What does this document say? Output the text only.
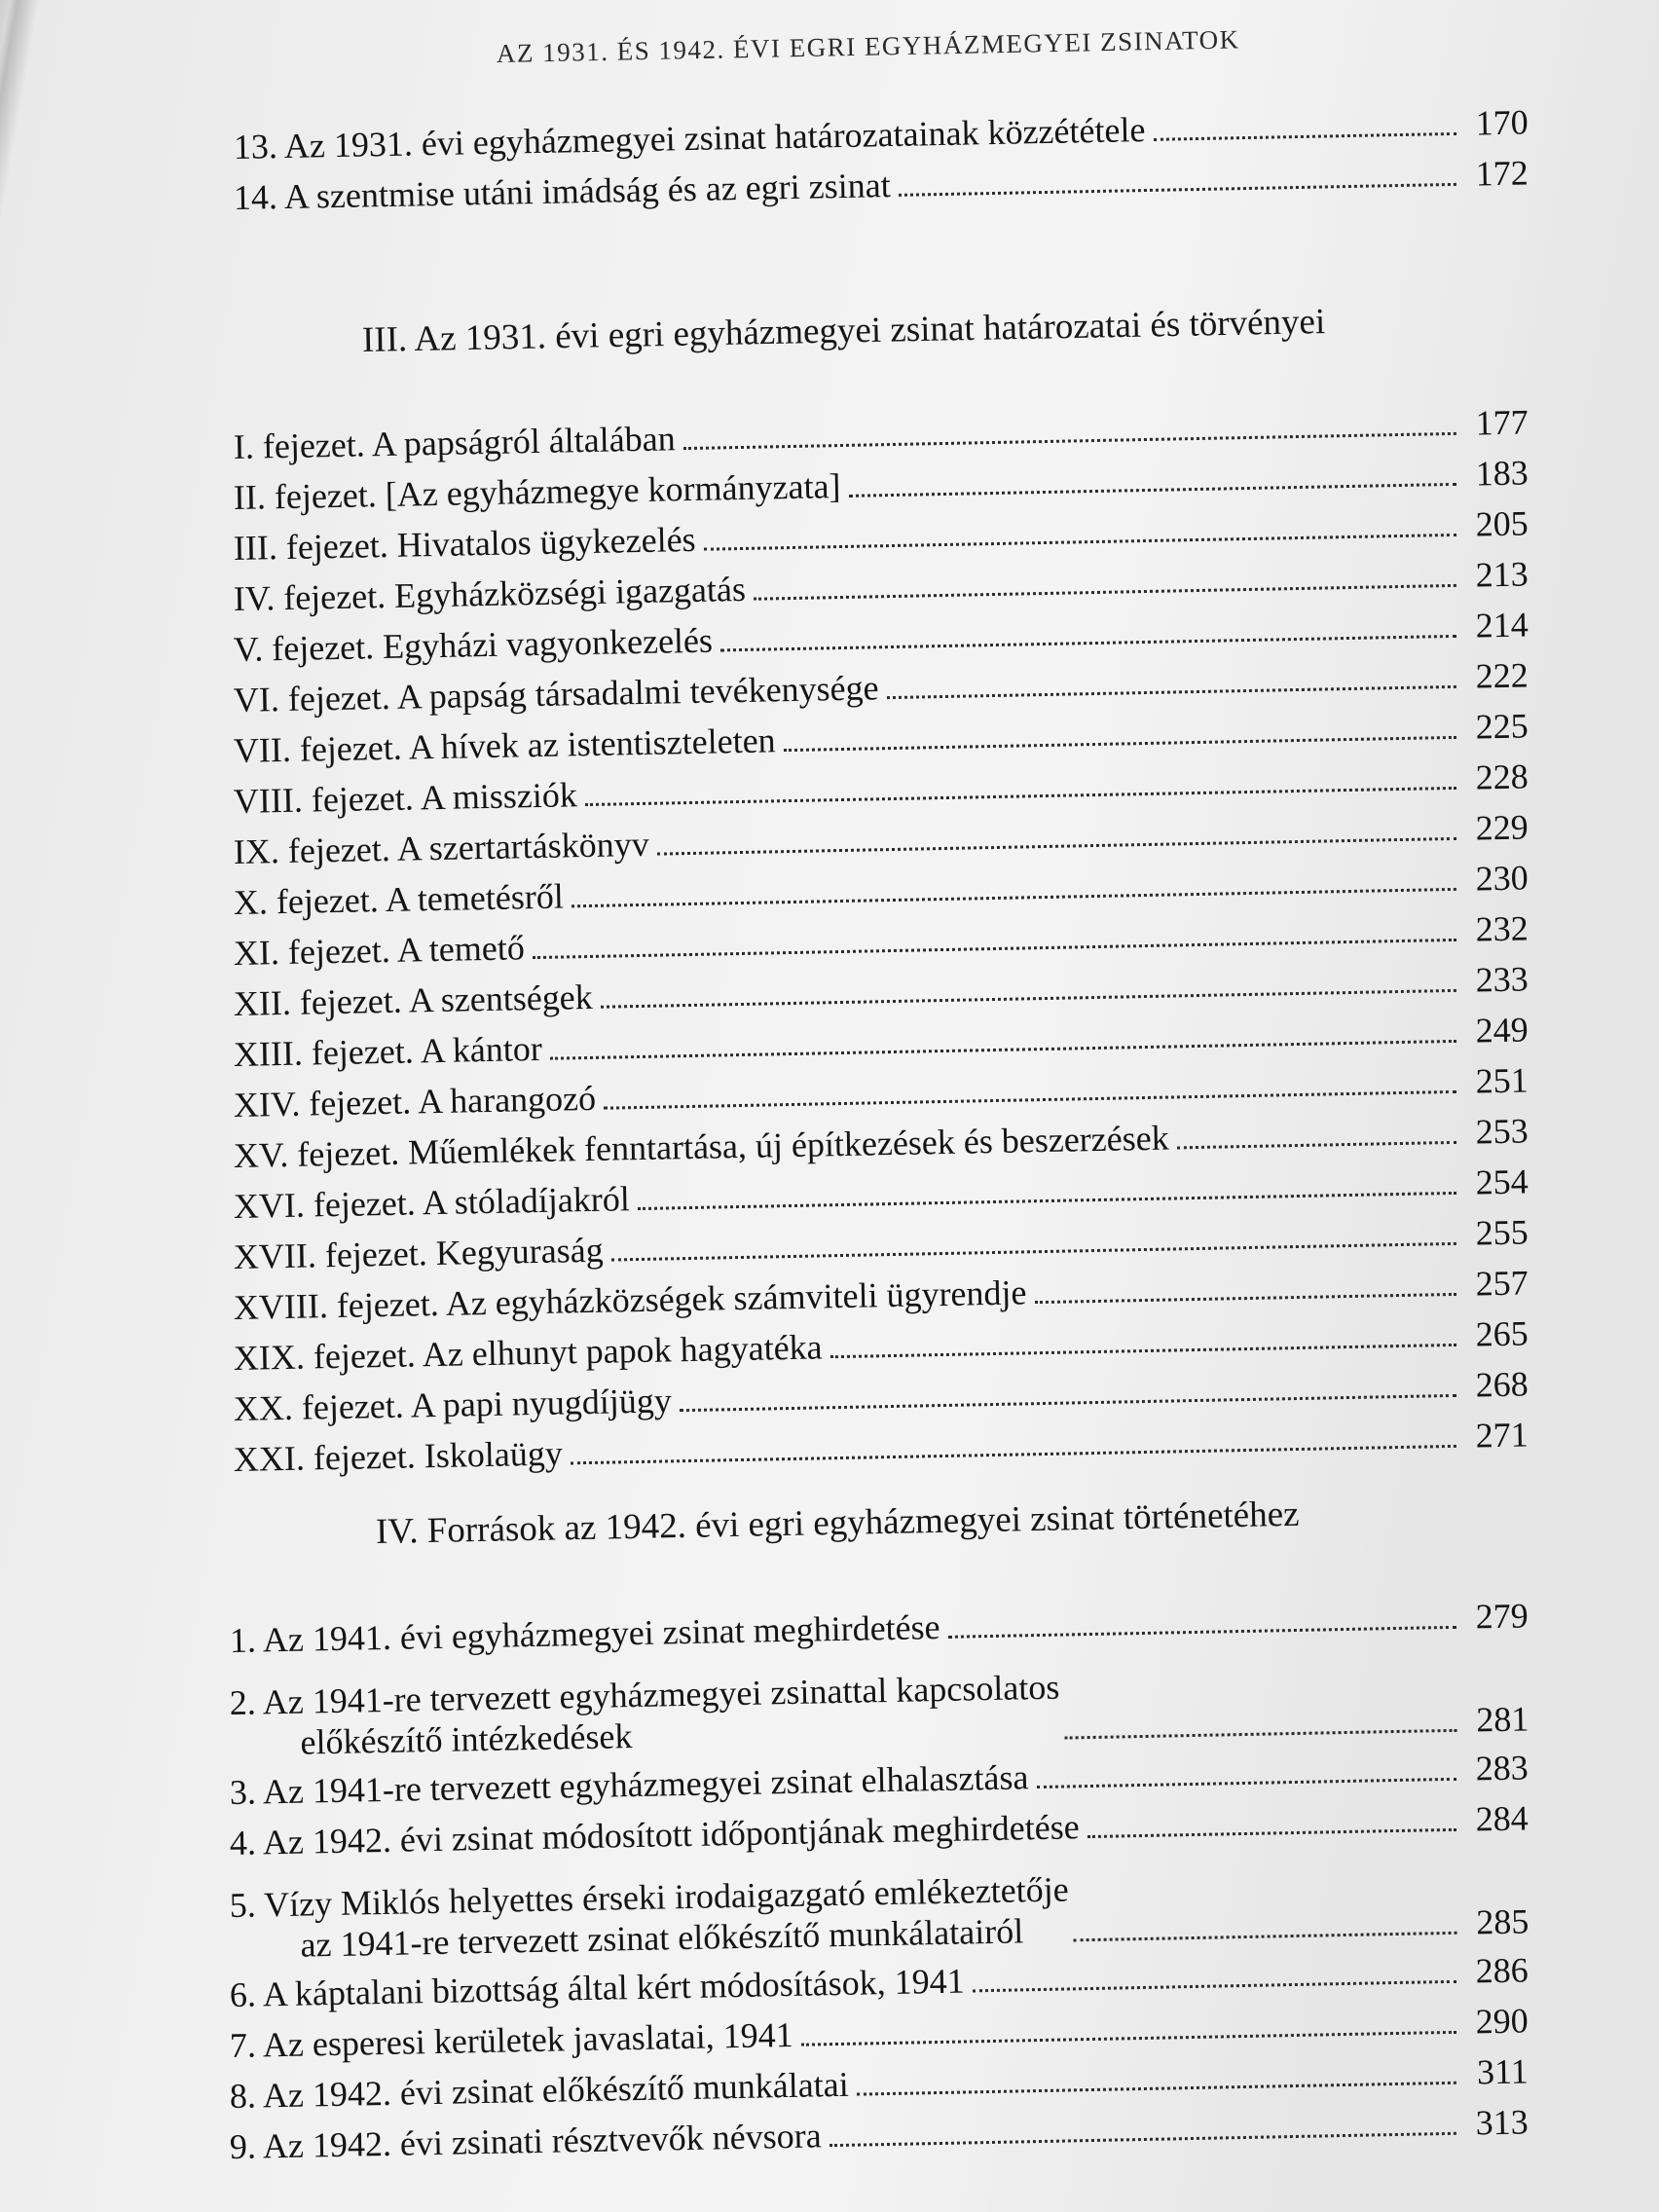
AZ 1931. ÉS 1942. ÉVI EGRI EGYHÁZMEGYEI ZSINATOK
13. Az 1931. évi egyházmegyei zsinat határozatainak közzététele	170
14. A szentmise utáni imádság és az egri zsinat	172
III. Az 1931. évi egri egyházmegyei zsinat határozatai és törvényei
I. fejezet. A papságról általában	177
II. fejezet. [Az egyházmegye kormányzata]	183
III. fejezet. Hivatalos ügykezelés	205
IV. fejezet. Egyházközségi igazgatás	213
V. fejezet. Egyházi vagyonkezelés	214
VI. fejezet. A papság társadalmi tevékenysége	222
VII. fejezet. A hívek az istentiszteleten	225
VIII. fejezet. A missziók	228
IX. fejezet. A szertartáskönyv	229
X. fejezet. A temetésről	230
XI. fejezet. A temető	232
XII. fejezet. A szentségek	233
XIII. fejezet. A kántor	249
XIV. fejezet. A harangozó	251
XV. fejezet. Műemlékek fenntartása, új építkezések és beszerzések	253
XVI. fejezet. A stóladíjakról	254
XVII. fejezet. Kegyuraság	255
XVIII. fejezet. Az egyházközségek számviteli ügyrendje	257
XIX. fejezet. Az elhunyt papok hagyatéka	265
XX. fejezet. A papi nyugdíjügy	268
XXI. fejezet. Iskolaügy	271
IV. Források az 1942. évi egri egyházmegyei zsinat történetéhez
1. Az 1941. évi egyházmegyei zsinat meghirdetése	279
2. Az 1941-re tervezett egyházmegyei zsinattal kapcsolatos
előkészítő intézkedések	281
3. Az 1941-re tervezett egyházmegyei zsinat elhalasztása	283
4. Az 1942. évi zsinat módosított időpontjának meghirdetése	284
5. Vízy Miklós helyettes érseki irodaigazgató emlékeztetője
az 1941-re tervezett zsinat előkészítő munkálatairól	285
6. A káptalani bizottság által kért módosítások, 1941	286
7. Az esperesi kerületek javaslatai, 1941	290
8. Az 1942. évi zsinat előkészítő munkálatai	311
9. Az 1942. évi zsinati résztvevők névsora	313
